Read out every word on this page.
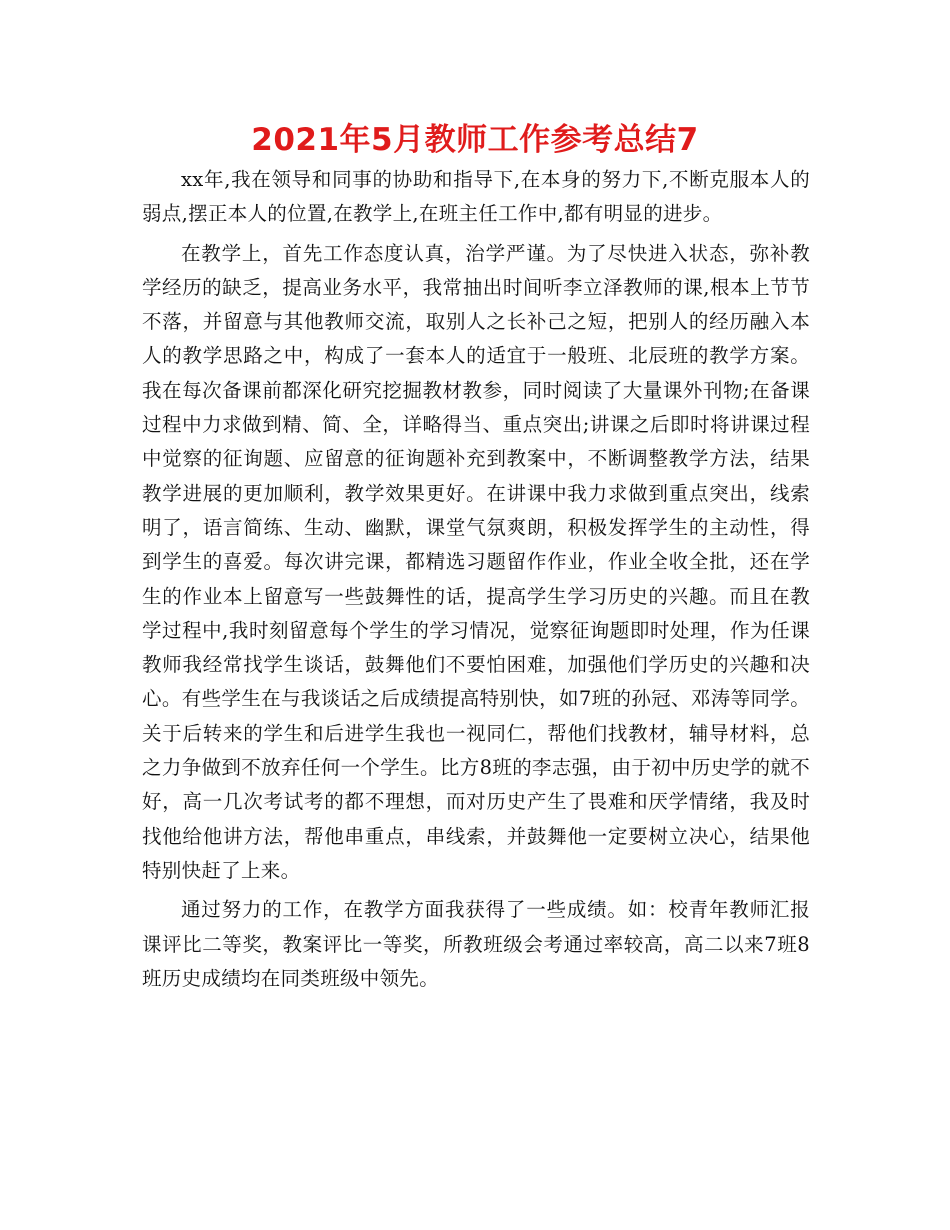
2021年5月教师工作参考总结7

xx年,我在领导和同事的协助和指导下,在本身的努力下,不断克服本人的弱点,摆正本人的位置,在教学上,在班主任工作中,都有明显的进步。

在教学上，首先工作态度认真，治学严谨。为了尽快进入状态，弥补教学经历的缺乏，提高业务水平，我常抽出时间听李立泽教师的课,根本上节节不落，并留意与其他教师交流，取别人之长补己之短，把别人的经历融入本人的教学思路之中，构成了一套本人的适宜于一般班、北辰班的教学方案。我在每次备课前都深化研究挖掘教材教参，同时阅读了大量课外刊物;在备课过程中力求做到精、简、全，详略得当、重点突出;讲课之后即时将讲课过程中觉察的征询题、应留意的征询题补充到教案中，不断调整教学方法，结果教学进展的更加顺利，教学效果更好。在讲课中我力求做到重点突出，线索明了，语言简练、生动、幽默，课堂气氛爽朗，积极发挥学生的主动性，得到学生的喜爱。每次讲完课，都精选习题留作作业，作业全收全批，还在学生的作业本上留意写一些鼓舞性的话，提高学生学习历史的兴趣。而且在教学过程中,我时刻留意每个学生的学习情况，觉察征询题即时处理，作为任课教师我经常找学生谈话，鼓舞他们不要怕困难，加强他们学历史的兴趣和决心。有些学生在与我谈话之后成绩提高特别快，如7班的孙冠、邓涛等同学。关于后转来的学生和后进学生我也一视同仁，帮他们找教材，辅导材料，总之力争做到不放弃任何一个学生。比方8班的李志强，由于初中历史学的就不好，高一几次考试考的都不理想，而对历史产生了畏难和厌学情绪，我及时找他给他讲方法，帮他串重点，串线索，并鼓舞他一定要树立决心，结果他特别快赶了上来。

通过努力的工作，在教学方面我获得了一些成绩。如：校青年教师汇报课评比二等奖，教案评比一等奖，所教班级会考通过率较高，高二以来7班8班历史成绩均在同类班级中领先。
